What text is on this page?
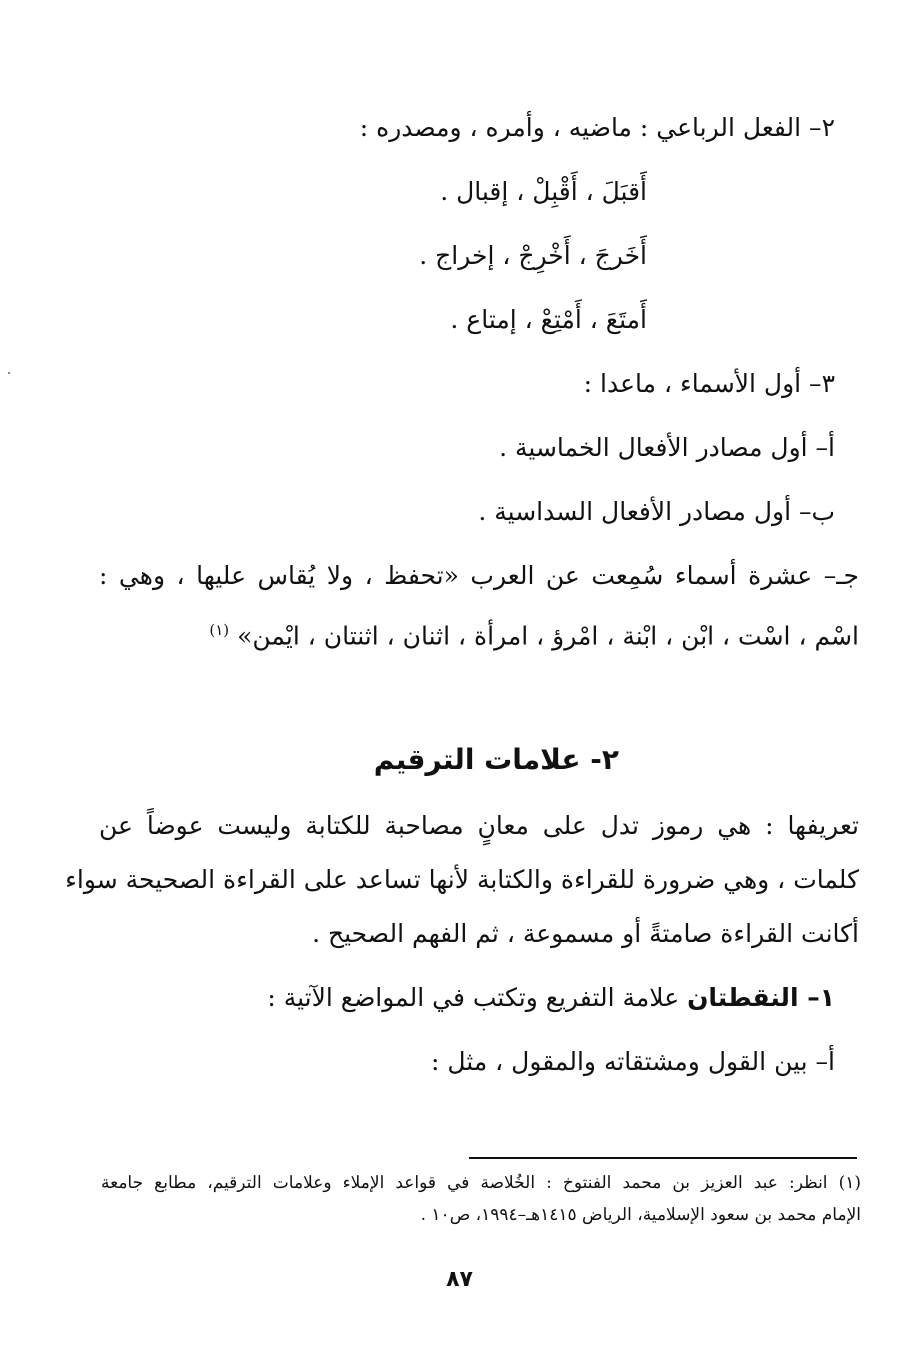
٢– الفعل الرباعي : ماضيه ، وأمره ، ومصدره :
أَقبَلَ ، أَقْبِلْ ، إقبال .
أَخَرجَ ، أَخْرِجْ ، إخراج .
أَمتَعَ ، أَمْتِعْ ، إمتاع .
٣– أول الأسماء ، ماعدا :
أ– أول مصادر الأفعال الخماسية .
ب– أول مصادر الأفعال السداسية .
جـ– عشرة أسماء سُمِعت عن العرب «تحفظ ، ولا يُقاس عليها ، وهي :
اسْم ، اسْت ، ابْن ، ابْنة ، امْرؤ ، امرأة ، اثنان ، اثنتان ، ايْمن» $^{(١)}$
٢- علامات الترقيم
تعريفها : هي رموز تدل على معانٍ مصاحبة للكتابة وليست عوضاً عن
كلمات ، وهي ضرورة للقراءة والكتابة لأنها تساعد على القراءة الصحيحة سواء
أكانت القراءة صامتةً أو مسموعة ، ثم الفهم الصحيح .
١– النقطتان علامة التفريع وتكتب في المواضع الآتية :
أ– بين القول ومشتقاته والمقول ، مثل :
(١) انظر: عبد العزيز بن محمد الفنتوخ : الخُلاصة في قواعد الإملاء وعلامات الترقيم، مطابع جامعة
الإمام محمد بن سعود الإسلامية، الرياض ١٤١٥هـ–١٩٩٤، ص١٠ .
٨٧
